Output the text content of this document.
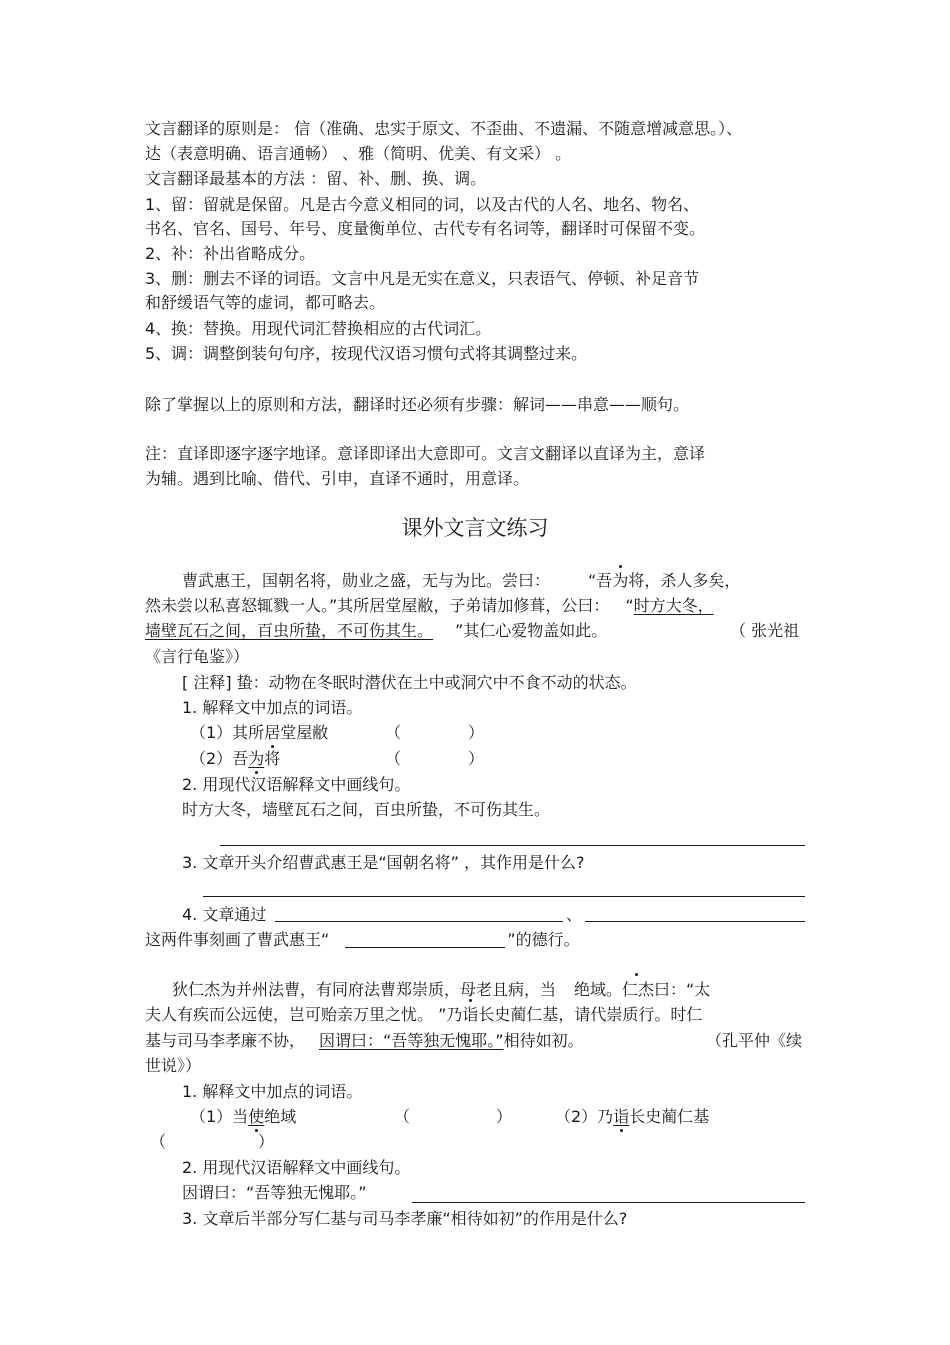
文言翻译的原则是： 信（准确、忠实于原文、不歪曲、不遗漏、不随意增减意思。）、
达（表意明确、语言通畅） 、雅（简明、优美、有文采） 。
文言翻译最基本的方法 ：留、补、删、换、调。
1、留：留就是保留。凡是古今意义相同的词，以及古代的人名、地名、物名、
书名、官名、国号、年号、度量衡单位、古代专有名词等，翻译时可保留不变。
2、补：补出省略成分。
3、删：删去不译的词语。文言中凡是无实在意义，只表语气、停顿、补足音节
和舒缓语气等的虚词，都可略去。
4、换：替换。用现代词汇替换相应的古代词汇。
5、调：调整倒装句句序，按现代汉语习惯句式将其调整过来。
除了掌握以上的原则和方法，翻译时还必须有步骤：解词——串意——顺句。
注：直译即逐字逐字地译。意译即译出大意即可。文言文翻译以直译为主，意译
为辅。遇到比喻、借代、引申，直译不通时，用意译。
课外文言文练习
曹武惠王，国朝名将，勋业之盛，无与为比。尝曰： “吾为将，杀人多矣，
然未尝以私喜怒辄戮一人。”其所居堂屋敝，子弟请加修葺，公曰： “时方大冬，
墙壁瓦石之间，百虫所蛰，不可伤其生。 ”其仁心爱物盖如此。	（ 张光祖
《言行龟鉴》）
[ 注释] 蛰：动物在冬眠时潜伏在土中或洞穴中不食不动的状态。
1. 解释文中加点的词语。
（1）其所居堂屋敝	（	）
（2）吾为将	（	）
2. 用现代汉语解释文中画线句。
时方大冬，墙壁瓦石之间，百虫所蛰，不可伤其生。
3. 文章开头介绍曹武惠王是“国朝名将” ，其作用是什么?
4. 文章通过	、
这两件事刻画了曹武惠王“	”的德行。
狄仁杰为并州法曹，有同府法曹郑崇质，母老且病，当 绝域。仁杰曰：“太
夫人有疾而公远使，岂可贻亲万里之忧。 ”乃诣长史蔺仁基，请代崇质行。时仁
基与司马李孝廉不协， 因谓曰：“吾等独无愧耶。”相待如初。	（孔平仲《续
世说》）
1. 解释文中加点的词语。
（1）当使绝域	（	）	（2）乃诣长史蔺仁基
（	）
2. 用现代汉语解释文中画线句。
因谓曰：“吾等独无愧耶。”
3. 文章后半部分写仁基与司马李孝廉“相待如初”的作用是什么?
